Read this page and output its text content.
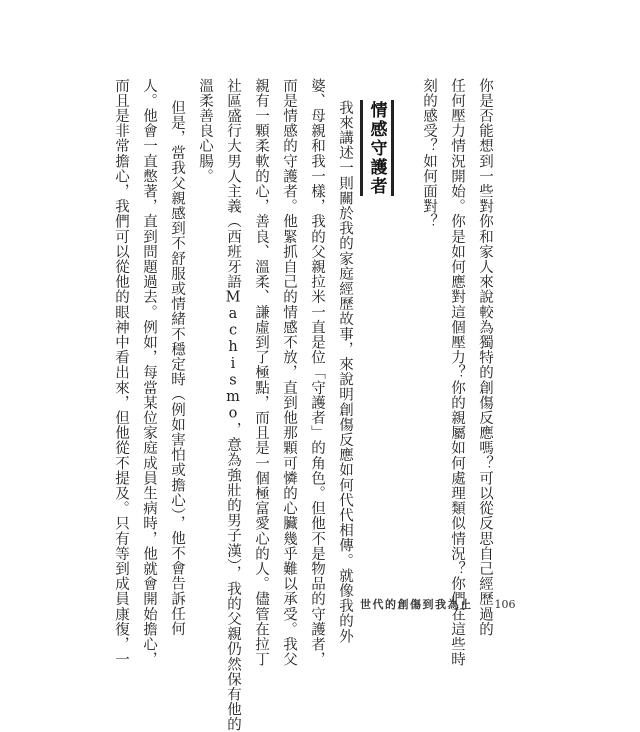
你是否能想到一些對你和家人來說較為獨特的創傷反應嗎？可以從反思自己經歷過的
任何壓力情況開始。你是如何應對這個壓力？你的親屬如何處理類似情況？你們在這些時
刻的感受？如何面對？
情感守護者
我來講述一則關於我的家庭經歷故事，來說明創傷反應如何代代相傳。就像我的外
婆、母親和我一樣，我的父親拉米一直是位「守護者」的角色。但他不是物品的守護者，
而是情感的守護者。他緊抓自己的情感不放，直到他那顆可憐的心臟幾乎難以承受。我父
親有一顆柔軟的心，善良、溫柔、謙虛到了極點，而且是一個極富愛心的人。儘管在拉丁
社區盛行大男人主義（西班牙語Machismo，意為強壯的男子漢），我的父親仍然保有他的
溫柔善良心腸。
但是，當我父親感到不舒服或情緒不穩定時（例如害怕或擔心），他不會告訴任何
人。他會一直憋著，直到問題過去。例如，每當某位家庭成員生病時，他就會開始擔心，
而且是非常擔心，我們可以從他的眼神中看出來，但他從不提及。只有等到成員康復，一	世代的創傷到我為止 106
